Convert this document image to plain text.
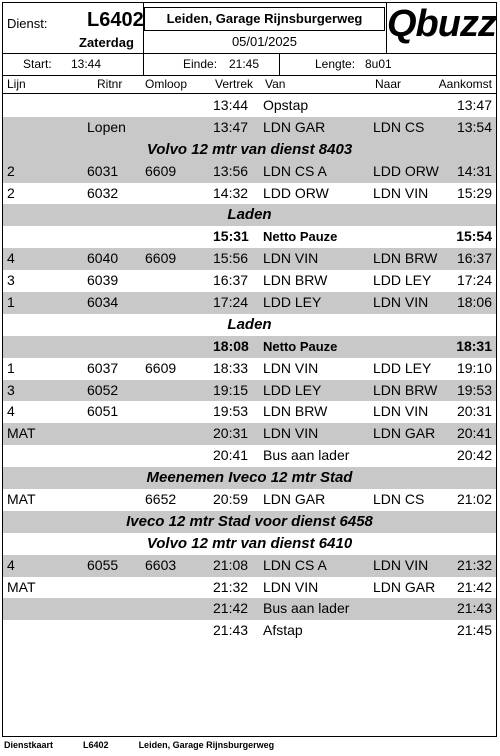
Dienst: L6402
Zaterdag
Leiden, Garage Rijnsburgerweg
05/01/2025	Qbuzz
Start: 13:44	Einde: 21:45	Lengte: 8u01
Lijn	Ritnr Omloop Vertrek Van	Naar	Aankomst
13:44 Opstap	13:47
Lopen	13:47 LDN GAR	LDN CS 13:54
Volvo 12 mtr van dienst 8403
2	6031 6609	13:56 LDN CS A	LDD ORW 14:31
2	6032	14:32 LDD ORW	LDN VIN 15:29
Laden
15:31 Netto Pauze	15:54
4	6040 6609	15:56 LDN VIN	LDN BRW 16:37
3	6039	16:37 LDN BRW	LDD LEY 17:24
1	6034	17:24 LDD LEY	LDN VIN 18:06
Laden
18:08 Netto Pauze	18:31
1	6037 6609	18:33 LDN VIN	LDD LEY 19:10
3	6052	19:15 LDD LEY	LDN BRW 19:53
4	6051	19:53 LDN BRW	LDN VIN 20:31
MAT	20:31 LDN VIN	LDN GAR 20:41
20:41 Bus aan lader	20:42
Meenemen Iveco 12 mtr Stad
MAT	6652	20:59 LDN GAR	LDN CS 21:02
Iveco 12 mtr Stad voor dienst 6458
Volvo 12 mtr van dienst 6410
4	6055 6603	21:08 LDN CS A	LDN VIN 21:32
MAT	21:32 LDN VIN	LDN GAR 21:42
21:42 Bus aan lader	21:43
21:43 Afstap	21:45
Dienstkaart	L6402	Leiden, Garage Rijnsburgerweg
